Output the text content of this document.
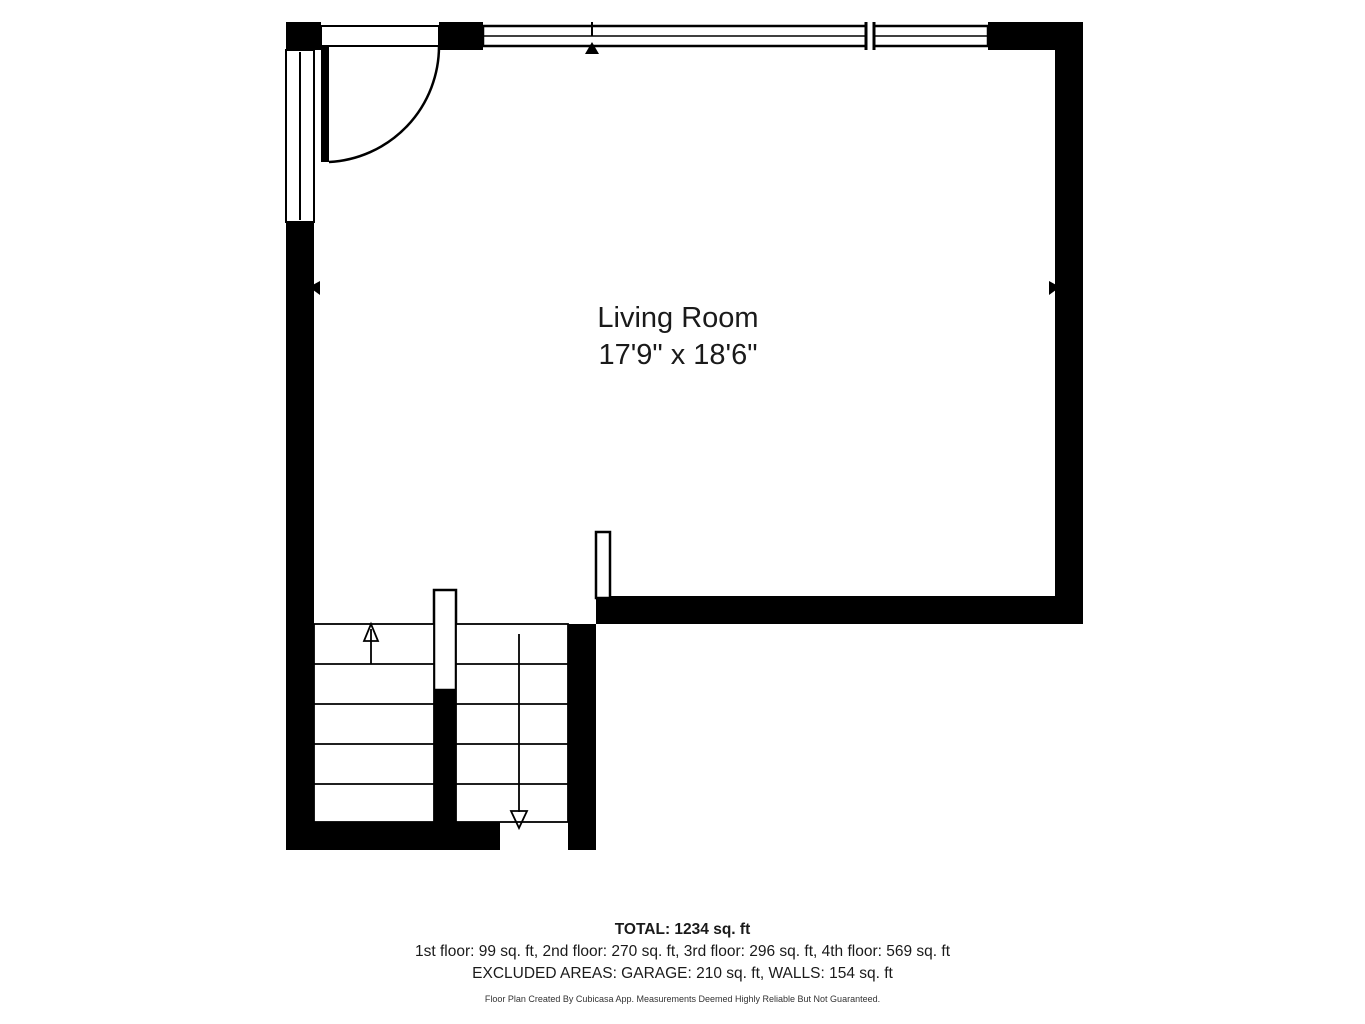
Living Room
17'9" x 18'6"
TOTAL: 1234 sq. ft
1st floor: 99 sq. ft, 2nd floor: 270 sq. ft, 3rd floor: 296 sq. ft, 4th floor: 569 sq. ft
EXCLUDED AREAS: GARAGE: 210 sq. ft, WALLS: 154 sq. ft
Floor Plan Created By Cubicasa App. Measurements Deemed Highly Reliable But Not Guaranteed.
